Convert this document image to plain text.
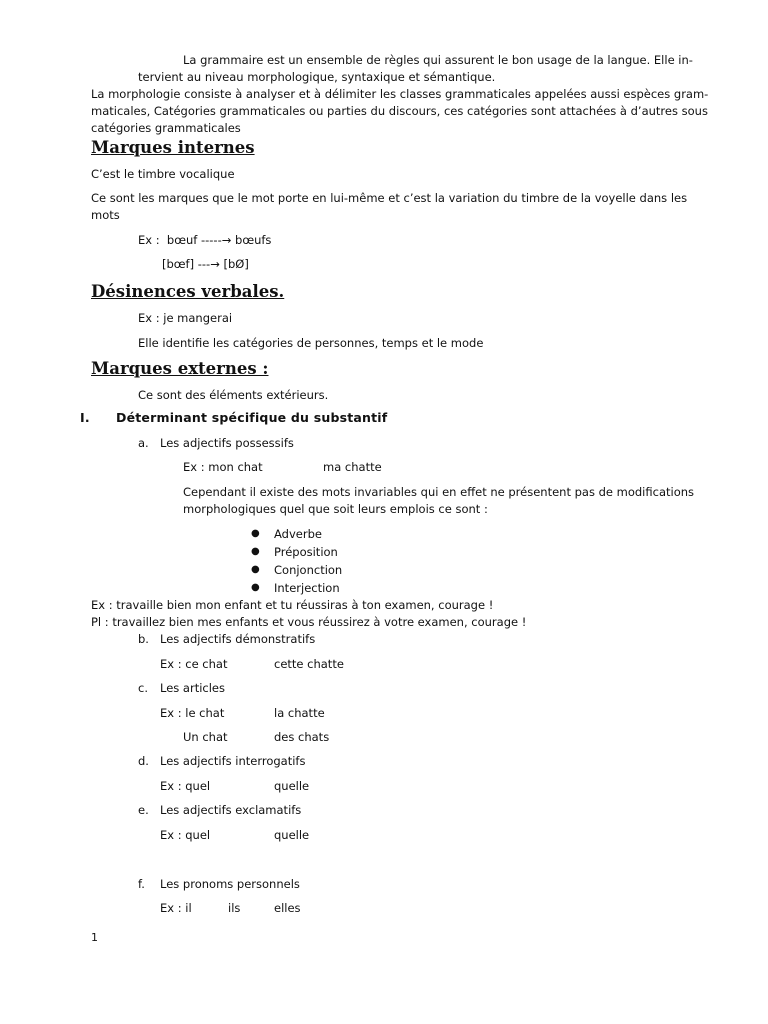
La grammaire est un ensemble de règles qui assurent le bon usage de la langue. Elle in-
tervient au niveau morphologique, syntaxique et sémantique.
La morphologie consiste à analyser et à délimiter les classes grammaticales appelées aussi espèces gram-
maticales, Catégories grammaticales ou parties du discours, ces catégories sont attachées à d’autres sous
catégories grammaticales
Marques internes
C’est le timbre vocalique
Ce sont les marques que le mot porte en lui-même et c’est la variation du timbre de la voyelle dans les
mots
Ex : bœuf -----→ bœufs
[bœf] ---→ [bØ]
Désinences verbales.
Ex : je mangerai
Elle identifie les catégories de personnes, temps et le mode
Marques externes :
Ce sont des éléments extérieurs.
I. Déterminant spécifique du substantif
a. Les adjectifs possessifs
Ex : mon chat	ma chatte
Cependant il existe des mots invariables qui en effet ne présentent pas de modifications
morphologiques quel que soit leurs emplois ce sont :
● Adverbe
● Préposition
● Conjonction
● Interjection
Ex : travaille bien mon enfant et tu réussiras à ton examen, courage !
Pl : travaillez bien mes enfants et vous réussirez à votre examen, courage !
b. Les adjectifs démonstratifs
Ex : ce chat	cette chatte
c. Les articles
Ex : le chat	la chatte
Un chat	des chats
d. Les adjectifs interrogatifs
Ex : quel	quelle
e. Les adjectifs exclamatifs
Ex : quel	quelle
f. Les pronoms personnels
Ex : il	ils	elles
1
